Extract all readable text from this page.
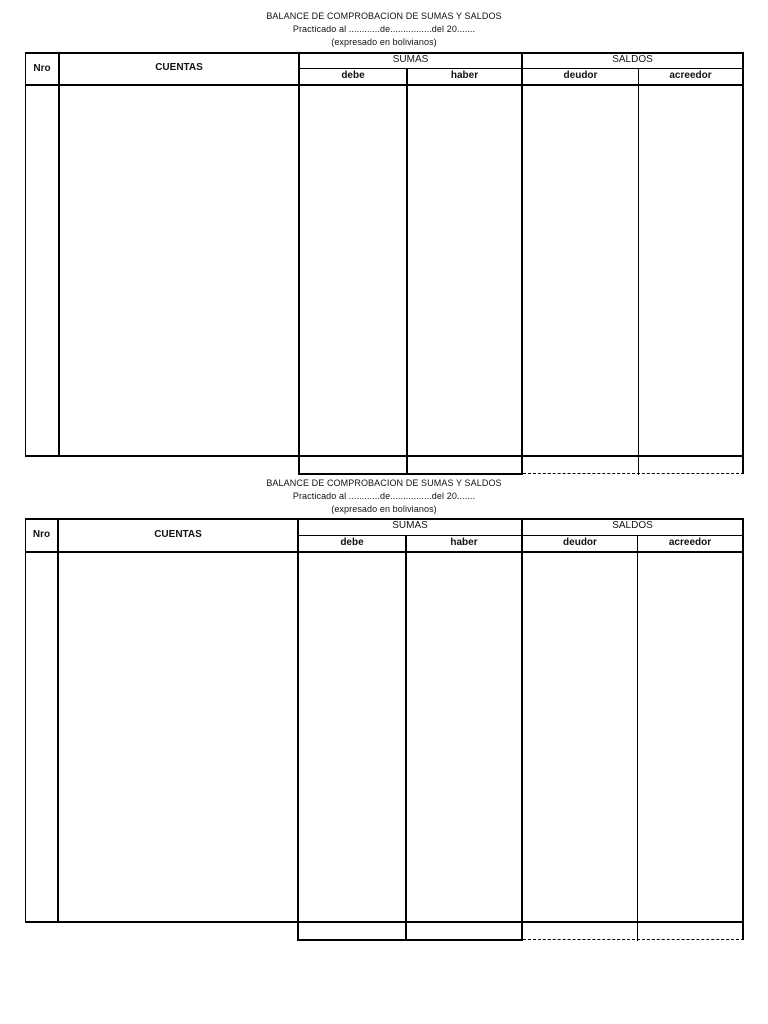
BALANCE DE COMPROBACION DE SUMAS Y SALDOS
Practicado al ............de................del 20.......
(expresado en bolivianos)
Nro	CUENTAS
SUMAS	SALDOS
debe	haber	deudor	acreedor
BALANCE DE COMPROBACION DE SUMAS Y SALDOS
Practicado al ............de................del 20.......
(expresado en bolivianos)
Nro	CUENTAS
SUMAS	SALDOS
debe	haber	deudor	acreedor
